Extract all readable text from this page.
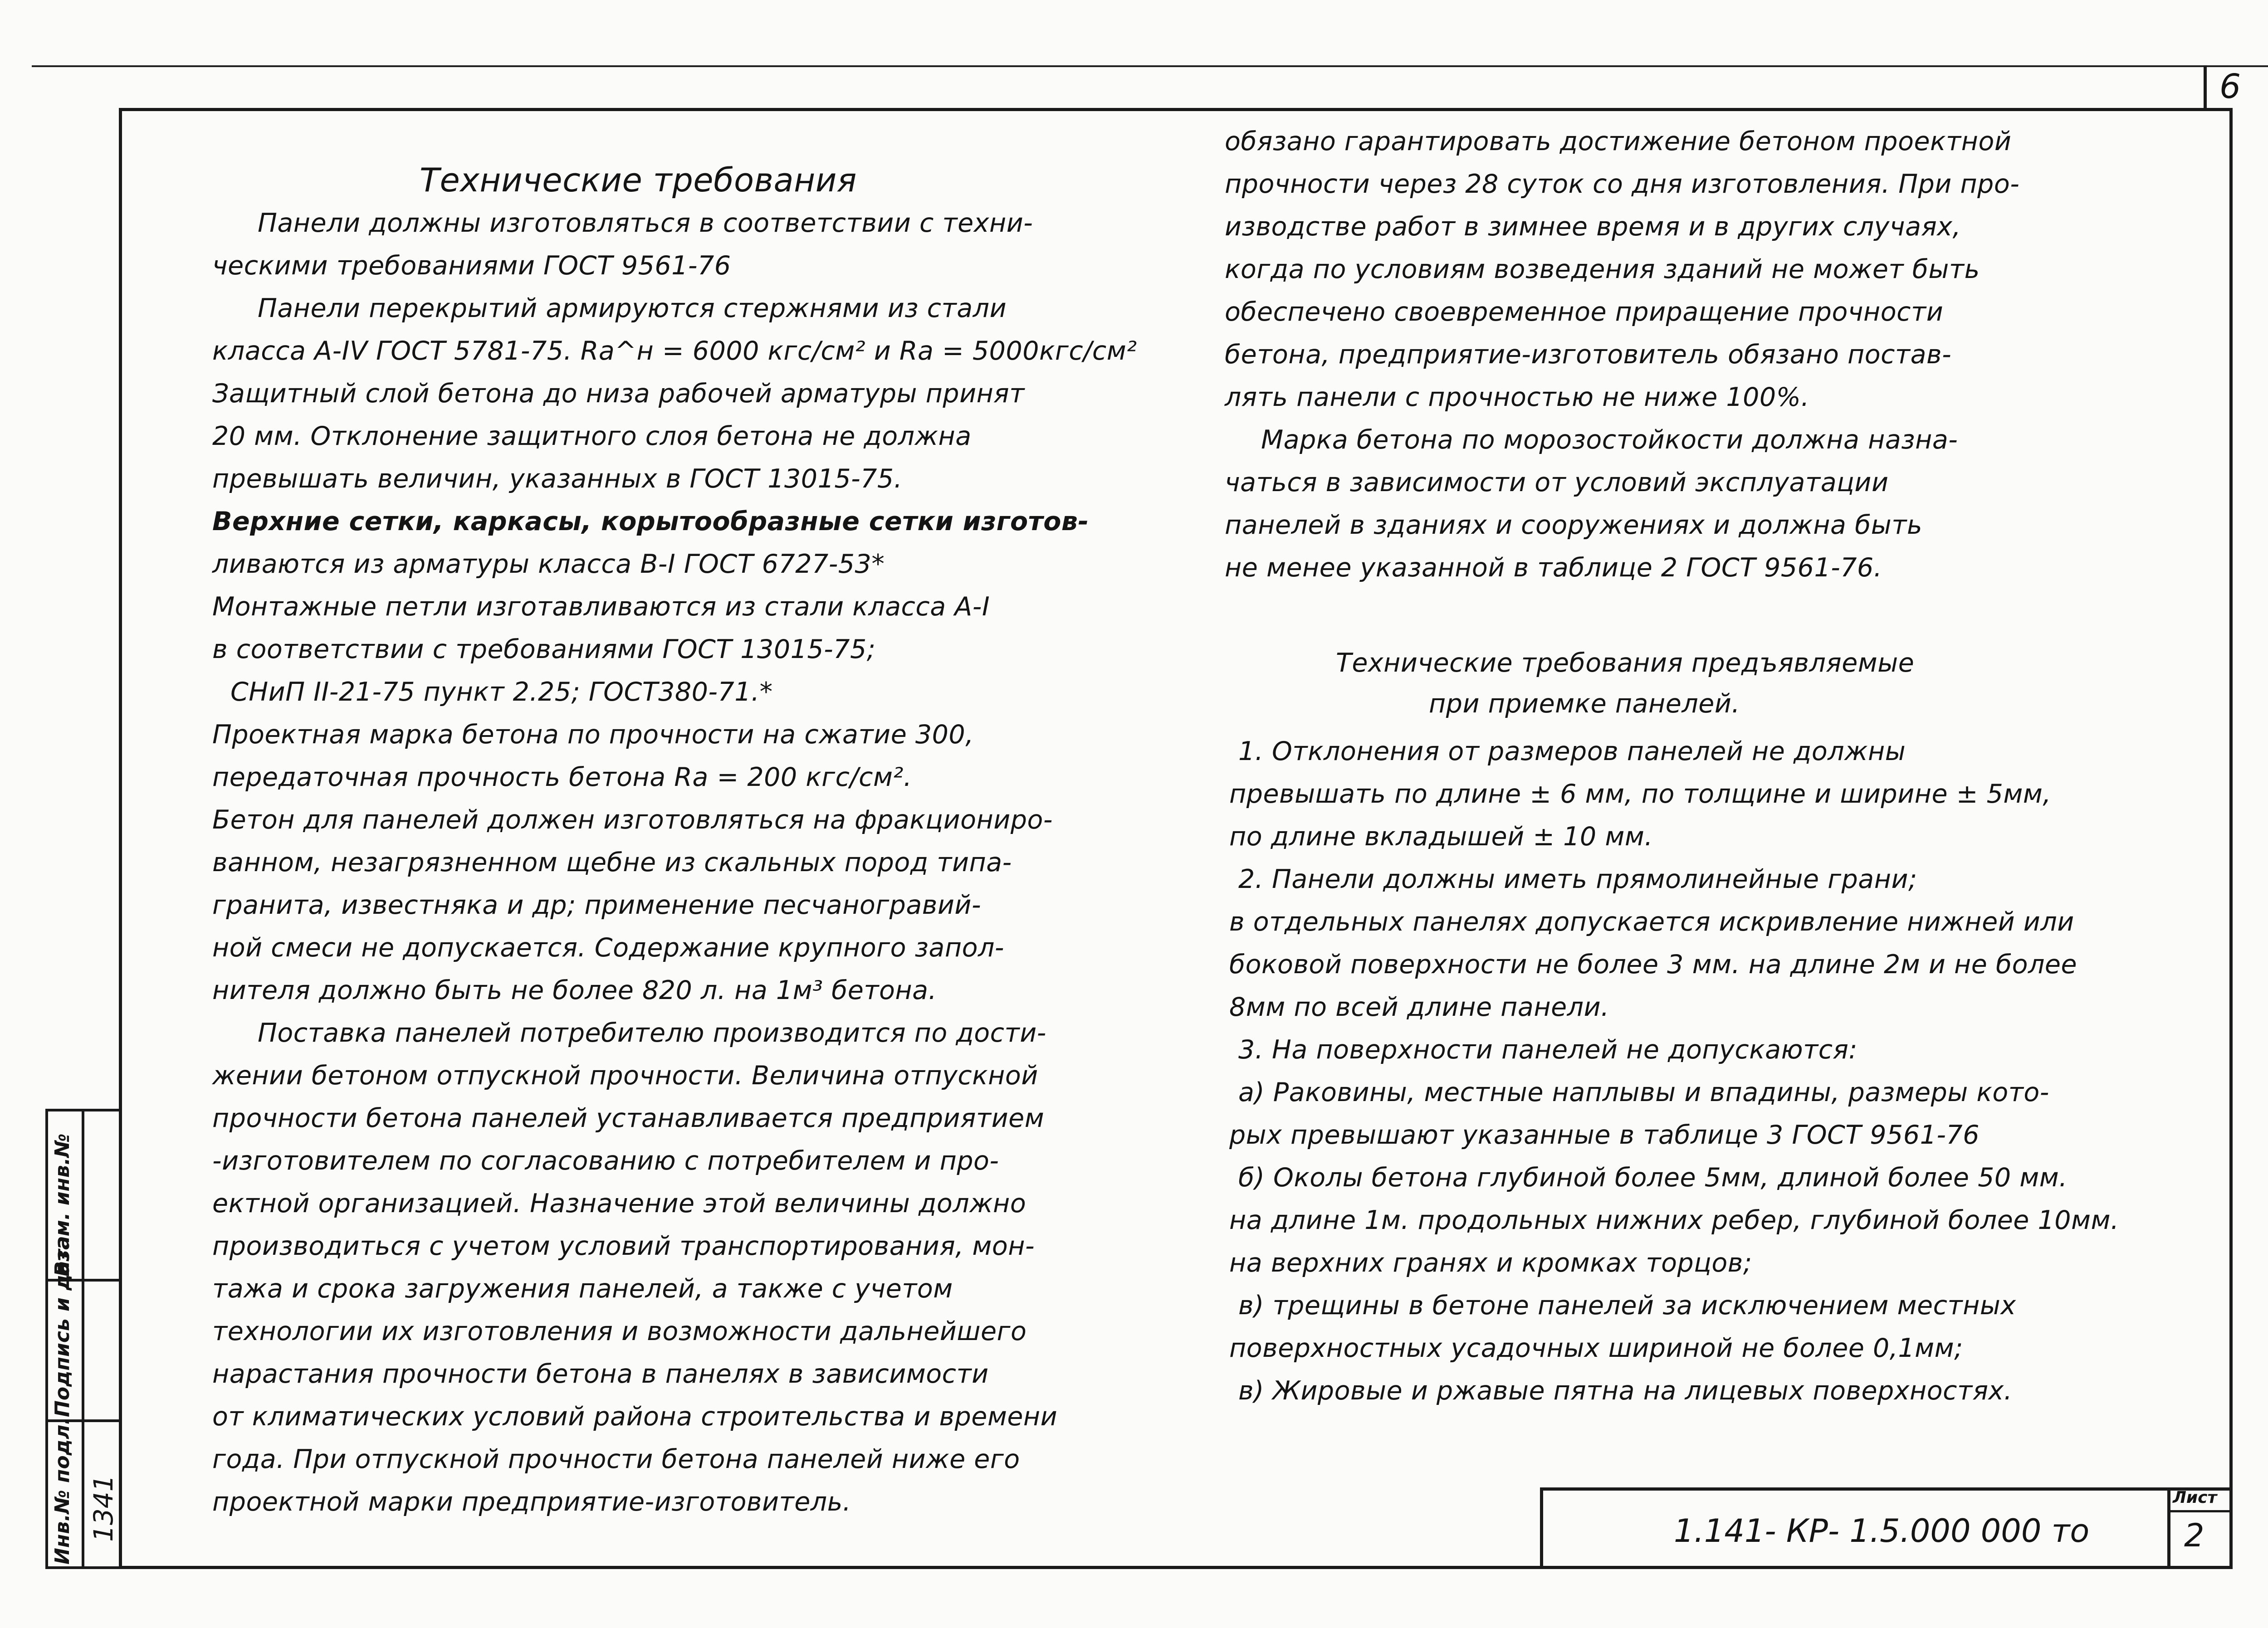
6
Технические требования
Панели должны изготовляться в соответствии с техни-
ческими требованиями ГОСТ 9561-76
Панели перекрытий армируются стержнями из стали
класса А-IV ГОСТ 5781-75. Rа^н = 6000 кгс/см² и Ra = 5000кгс/см²
Защитный слой бетона до низа рабочей арматуры принят
20 мм. Отклонение защитного слоя бетона не должна
превышать величин, указанных в ГОСТ 13015-75.
Верхние сетки, каркасы, корытообразные сетки изготов-
ливаются из арматуры класса В-I ГОСТ 6727-53*
Монтажные петли изготавливаются из стали класса А-I
в соответствии с требованиями ГОСТ 13015-75;
СНиП II-21-75 пункт 2.25; ГОСТ380-71.*
Проектная марка бетона по прочности на сжатие 300,
передаточная прочность бетона Ra = 200 кгс/см².
Бетон для панелей должен изготовляться на фракциониро-
ванном, незагрязненном щебне из скальных пород типа-
гранита, известняка и др; применение песчаногравий-
ной смеси не допускается. Содержание крупного запол-
нителя должно быть не более 820 л. на 1м³ бетона.
Поставка панелей потребителю производится по дости-
жении бетоном отпускной прочности. Величина отпускной
прочности бетона панелей устанавливается предприятием
-изготовителем по согласованию с потребителем и про-
ектной организацией. Назначение этой величины должно
производиться с учетом условий транспортирования, мон-
тажа и срока загружения панелей, а также с учетом
технологии их изготовления и возможности дальнейшего
нарастания прочности бетона в панелях в зависимости
от климатических условий района строительства и времени
года. При отпускной прочности бетона панелей ниже его
проектной марки предприятие-изготовитель.
обязано гарантировать достижение бетоном проектной
прочности через 28 суток со дня изготовления. При про-
изводстве работ в зимнее время и в других случаях,
когда по условиям возведения зданий не может быть
обеспечено своевременное приращение прочности
бетона, предприятие-изготовитель обязано постав-
лять панели с прочностью не ниже 100%.
Марка бетона по морозостойкости должна назна-
чаться в зависимости от условий эксплуатации
панелей в зданиях и сооружениях и должна быть
не менее указанной в таблице 2 ГОСТ 9561-76.
Технические требования предъявляемые
при приемке панелей.
1. Отклонения от размеров панелей не должны
превышать по длине ± 6 мм, по толщине и ширине ± 5мм,
по длине вкладышей ± 10 мм.
2. Панели должны иметь прямолинейные грани;
в отдельных панелях допускается искривление нижней или
боковой поверхности не более 3 мм. на длине 2м и не более
8мм по всей длине панели.
3. На поверхности панелей не допускаются:
а) Раковины, местные наплывы и впадины, размеры кото-
рых превышают указанные в таблице 3 ГОСТ 9561-76
б) Околы бетона глубиной более 5мм, длиной более 50 мм.
на длине 1м. продольных нижних ребер, глубиной более 10мм.
на верхних гранях и кромках торцов;
в) трещины в бетоне панелей за исключением местных
поверхностных усадочных шириной не более 0,1мм;
в) Жировые и ржавые пятна на лицевых поверхностях.
Инв.№ подл.
Подпись и дата
Взам. инв.№
1341	1.141- КР- 1.5.000 000 то
Лист
2
